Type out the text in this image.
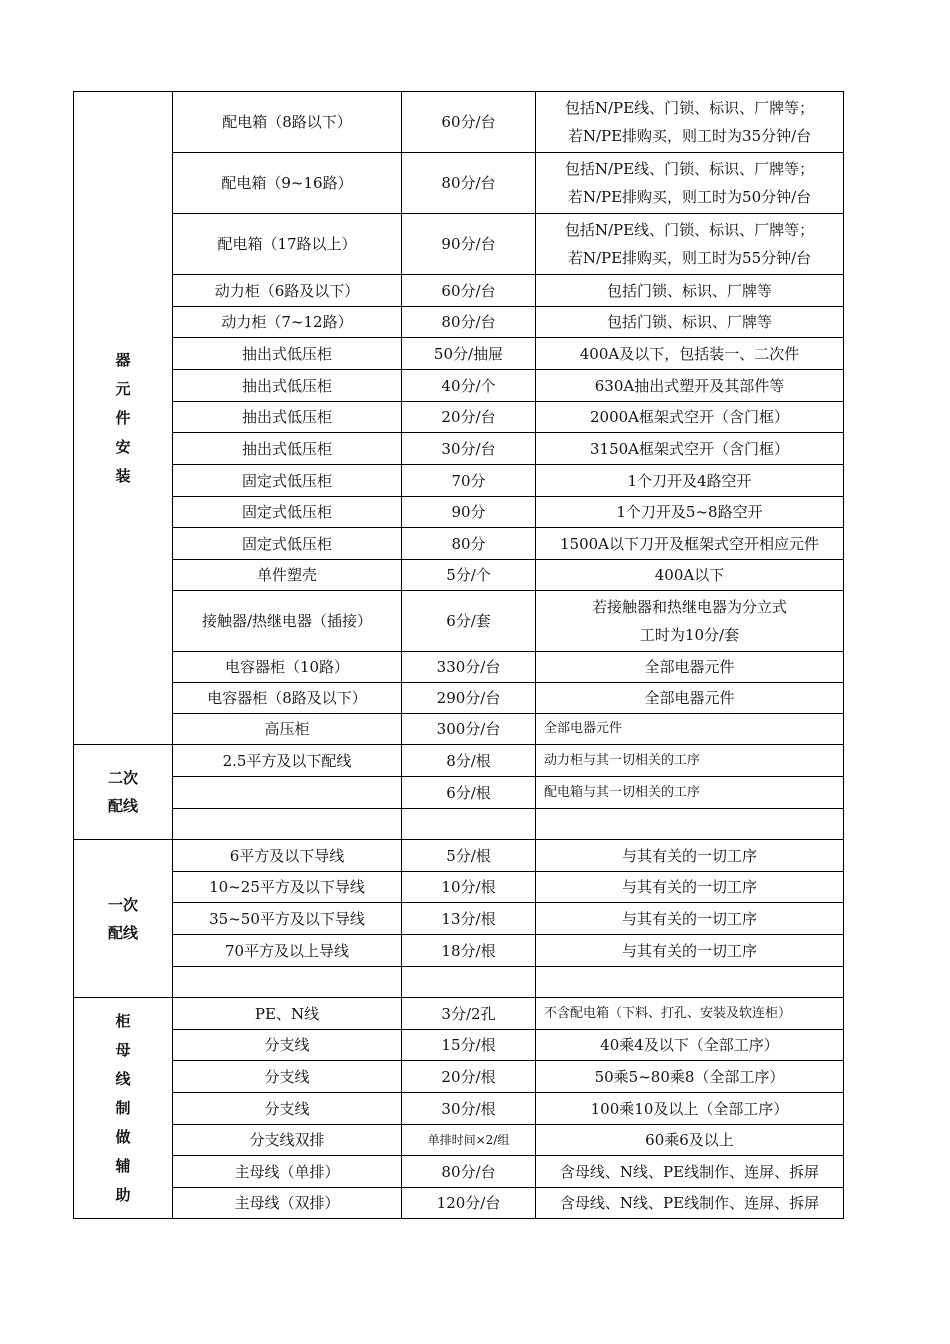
器元件安装	配电箱（8路以下）	60分/台	包括N/PE线、门锁、标识、厂牌等；
若N/PE排购买，则工时为35分钟/台

	配电箱（9~16路）	80分/台	包括N/PE线、门锁、标识、厂牌等；
若N/PE排购买，则工时为50分钟/台

	配电箱（17路以上）	90分/台	包括N/PE线、门锁、标识、厂牌等；
若N/PE排购买，则工时为55分钟/台

	动力柜（6路及以下）	60分/台	包括门锁、标识、厂牌等
	动力柜（7~12路）	80分/台	包括门锁、标识、厂牌等
	抽出式低压柜	50分/抽屉	400A及以下，包括装一、二次件
	抽出式低压柜	40分/个	630A抽出式塑开及其部件等
	抽出式低压柜	20分/台	2000A框架式空开（含门框）
	抽出式低压柜	30分/台	3150A框架式空开（含门框）
	固定式低压柜	70分	1个刀开及4路空开
	固定式低压柜	90分	1个刀开及5~8路空开
	固定式低压柜	80分	1500A以下刀开及框架式空开相应元件
	单件塑壳	5分/个	400A以下
	接触器/热继电器（插接）	6分/套	若接触器和热继电器为分立式
工时为10分/套

	电容器柜（10路）	330分/台	全部电器元件
	电容器柜（8路及以下）	290分/台	全部电器元件
	高压柜	300分/台	全部电器元件
二次配线	2.5平方及以下配线	8分/根	动力柜与其一切相关的工序
		6分/根	配电箱与其一切相关的工序

一次配线	6平方及以下导线	5分/根	与其有关的一切工序
	10~25平方及以下导线	10分/根	与其有关的一切工序
	35~50平方及以下导线	13分/根	与其有关的一切工序
	70平方及以上导线	18分/根	与其有关的一切工序

柜母线制做辅助	PE、N线	3分/2孔	不含配电箱（下料、打孔、安装及软连柜）
	分支线	15分/根	40乘4及以下（全部工序）
	分支线	20分/根	50乘5~80乘8（全部工序）
	分支线	30分/根	100乘10及以上（全部工序）
	分支线双排	单排时间×2/组	60乘6及以上
	主母线（单排）	80分/台	含母线、N线、PE线制作、连屏、拆屏
	主母线（双排）	120分/台	含母线、N线、PE线制作、连屏、拆屏
